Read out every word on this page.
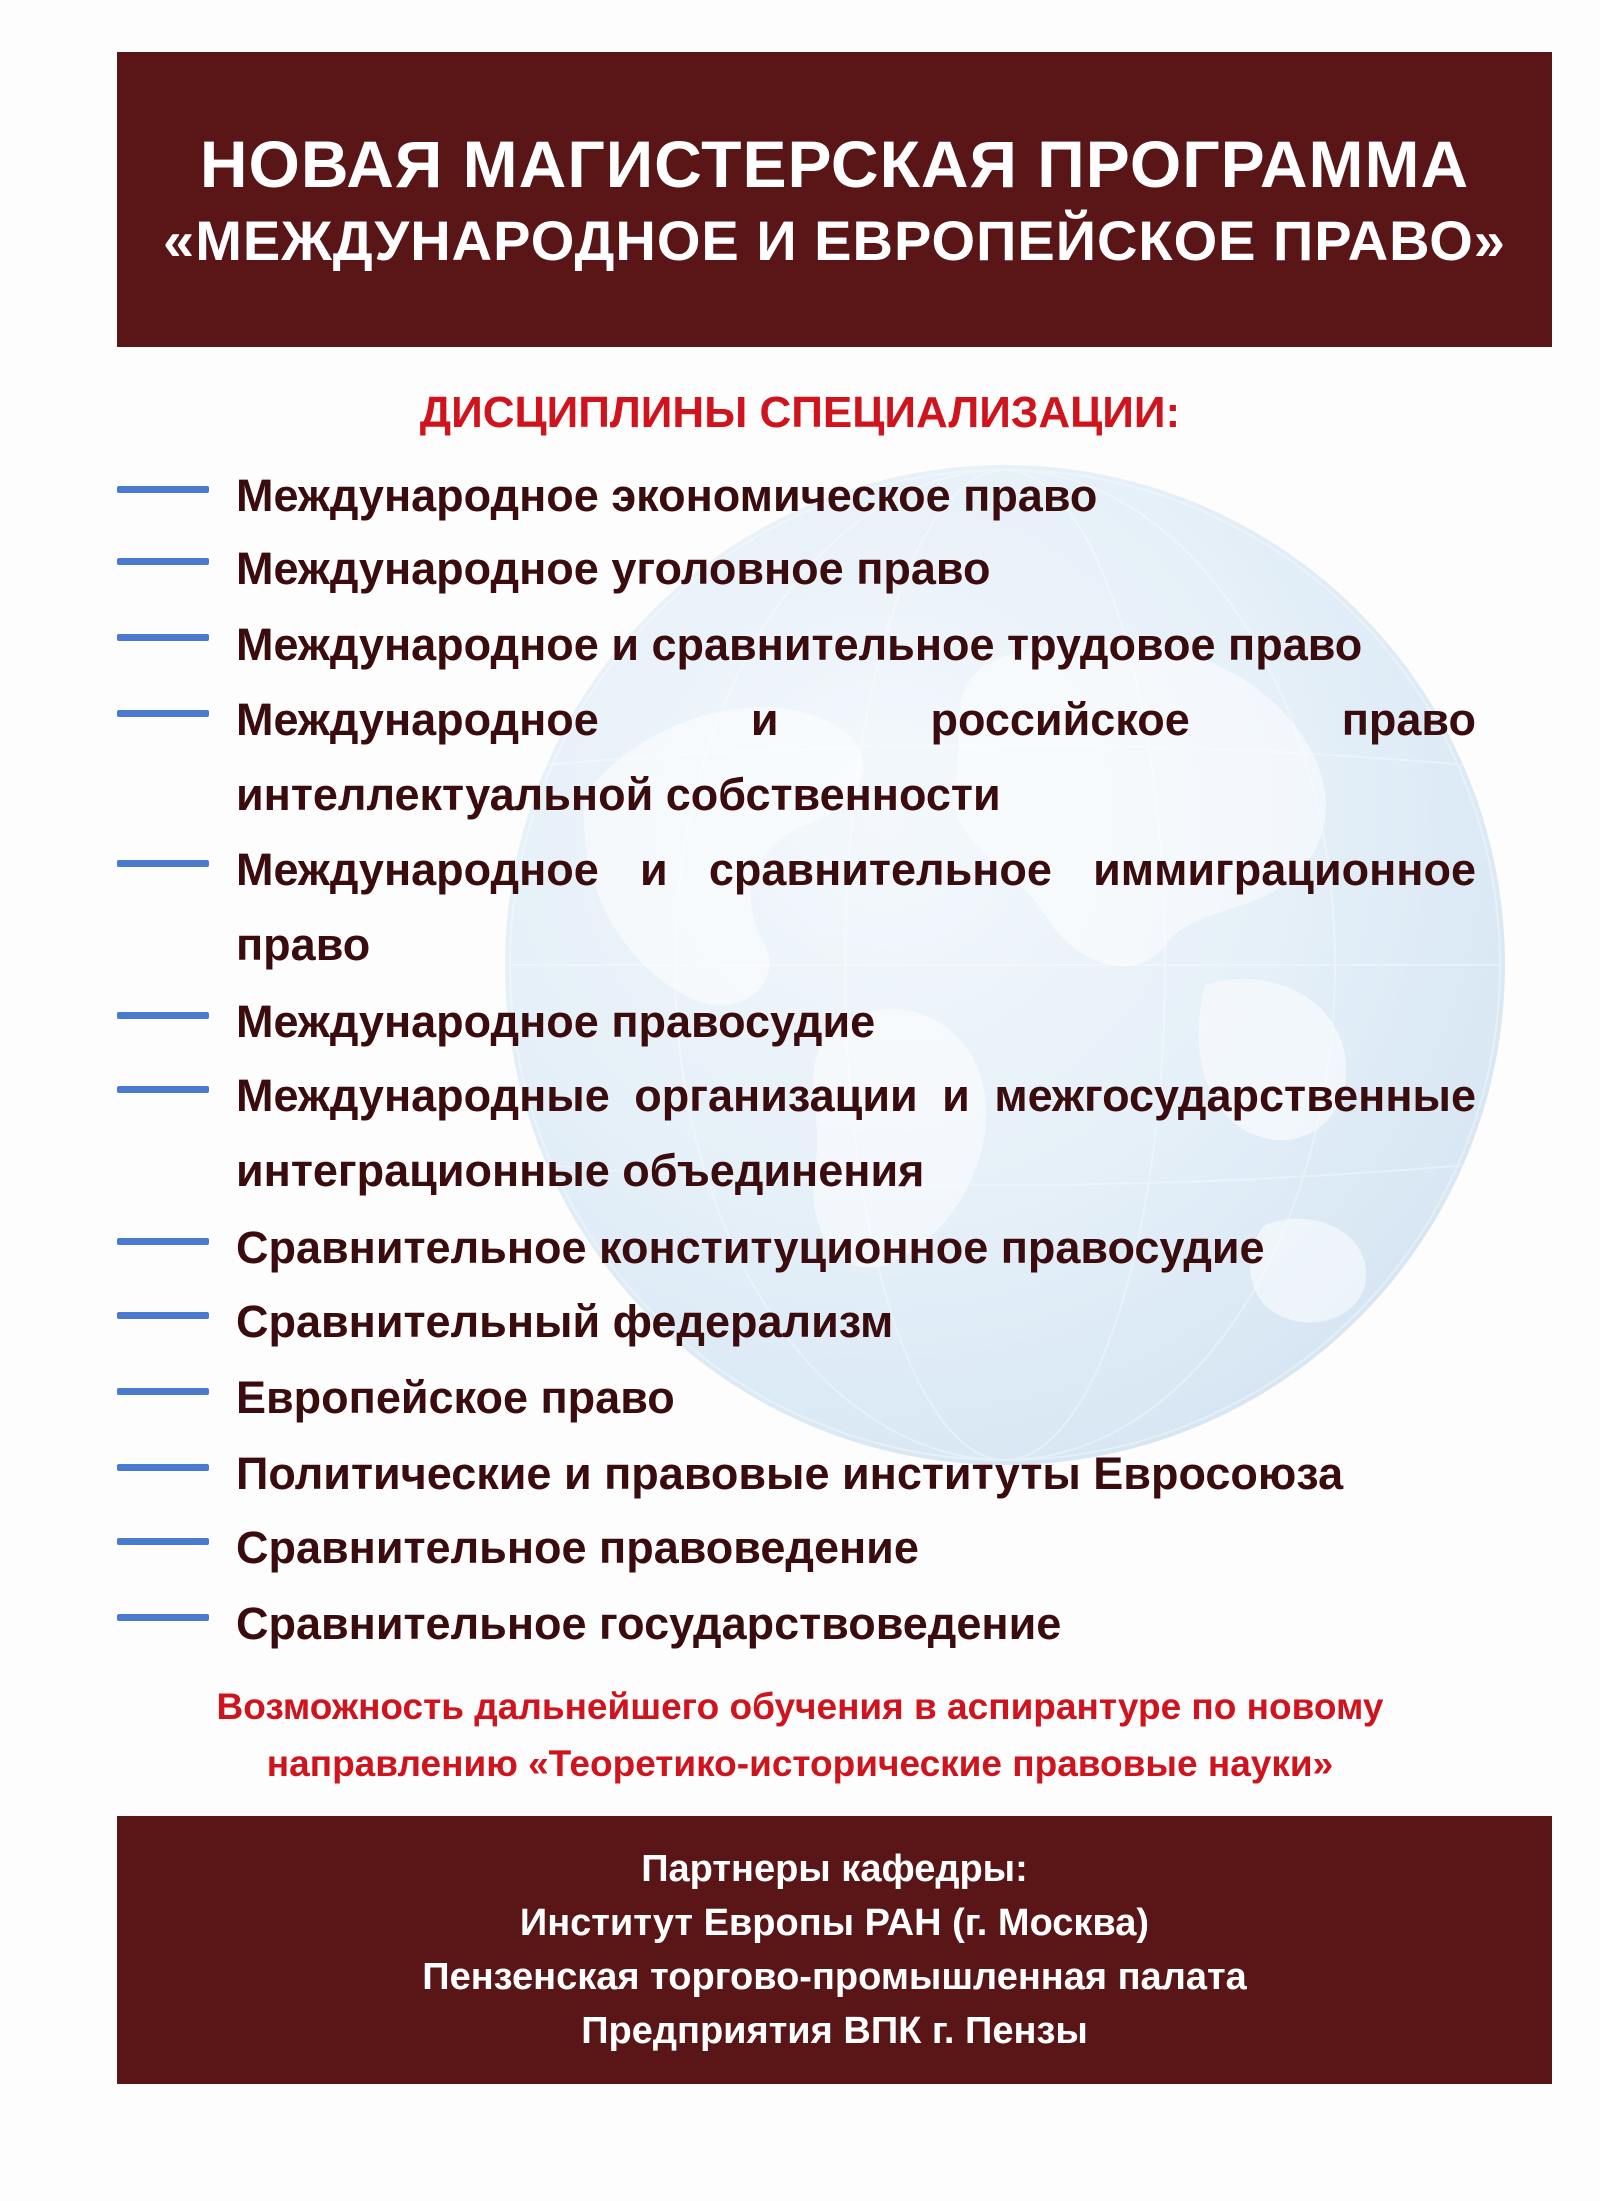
НОВАЯ МАГИСТЕРСКАЯ ПРОГРАММА
«МЕЖДУНАРОДНОЕ И ЕВРОПЕЙСКОЕ ПРАВО»
ДИСЦИПЛИНЫ СПЕЦИАЛИЗАЦИИ:
Международное экономическое право
Международное уголовное право
Международное и сравнительное трудовое право
Международное и российское право интеллектуальной собственности
Международное и сравнительное иммиграционное право
Международное правосудие
Международные организации и межгосударственные интеграционные объединения
Сравнительное конституционное правосудие
Сравнительный федерализм
Европейское право
Политические и правовые институты Евросоюза
Сравнительное правоведение
Сравнительное государствоведение
Возможность дальнейшего обучения в аспирантуре по новому
направлению «Теоретико-исторические правовые науки»
Партнеры кафедры:
Институт Европы РАН (г. Москва)
Пензенская торгово-промышленная палата
Предприятия ВПК г. Пензы
